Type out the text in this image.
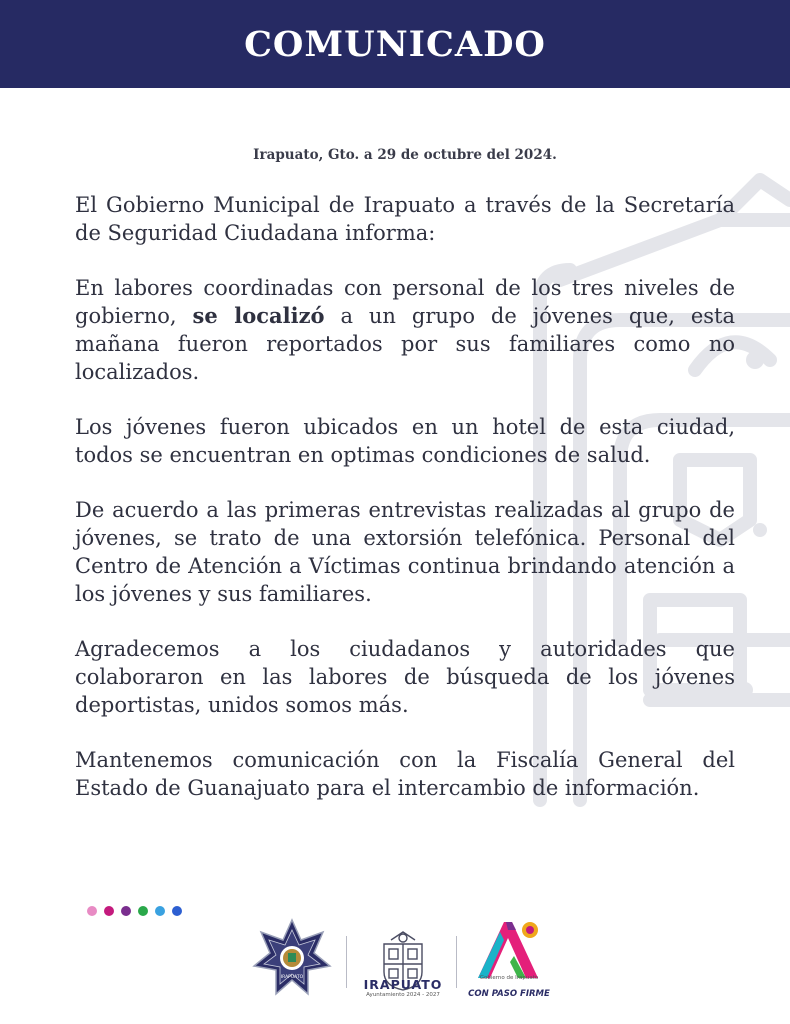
COMUNICADO
Irapuato, Gto. a 29 de octubre del 2024.

El Gobierno Municipal de Irapuato a través de la Secretaría de Seguridad Ciudadana informa:

En labores coordinadas con personal de los tres niveles de gobierno, se localizó a un grupo de jóvenes que, esta mañana fueron reportados por sus familiares como no localizados.

Los jóvenes fueron ubicados en un hotel de esta ciudad, todos se encuentran en optimas condiciones de salud.

De acuerdo a las primeras entrevistas realizadas al grupo de jóvenes, se trato de una extorsión telefónica. Personal del Centro de Atención a Víctimas continua brindando atención a los jóvenes y sus familiares.

Agradecemos a los ciudadanos y autoridades que colaboraron en las labores de búsqueda de los jóvenes deportistas, unidos somos más.

Mantenemos comunicación con la Fiscalía General del Estado de Guanajuato para el intercambio de información.

IRAPUATO	IRAPUATO
Ayuntamiento 2024 - 2027
Gobierno de Irapuato
CON PASO FIRME
